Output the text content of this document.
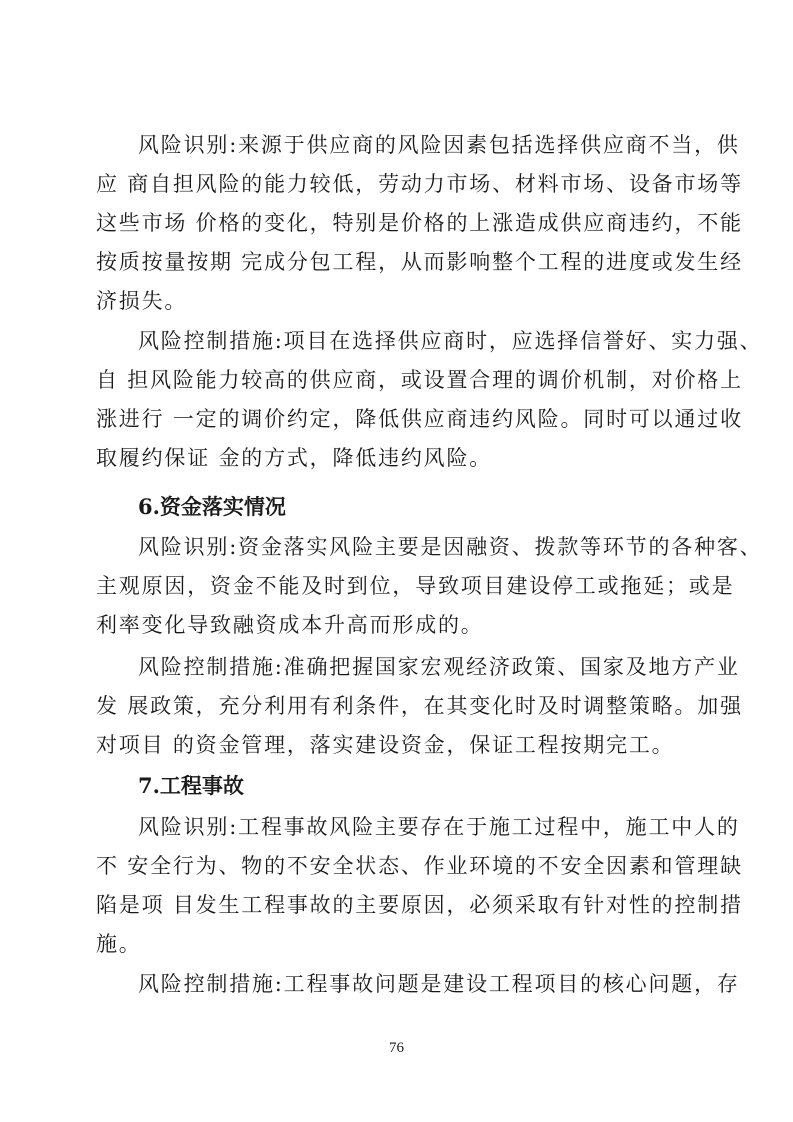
风险识别:来源于供应商的风险因素包括选择供应商不当，供
应 商自担风险的能力较低，劳动力市场、材料市场、设备市场等
这些市场 价格的变化，特别是价格的上涨造成供应商违约，不能
按质按量按期 完成分包工程，从而影响整个工程的进度或发生经
济损失。
风险控制措施:项目在选择供应商时，应选择信誉好、实力强、
自 担风险能力较高的供应商，或设置合理的调价机制，对价格上
涨进行 一定的调价约定，降低供应商违约风险。同时可以通过收
取履约保证 金的方式，降低违约风险。
6.资金落实情况
风险识别:资金落实风险主要是因融资、拨款等环节的各种客、
主观原因，资金不能及时到位，导致项目建设停工或拖延；或是
利率变化导致融资成本升高而形成的。
风险控制措施:准确把握国家宏观经济政策、国家及地方产业
发 展政策，充分利用有利条件，在其变化时及时调整策略。加强
对项目 的资金管理，落实建设资金，保证工程按期完工。
7.工程事故
风险识别:工程事故风险主要存在于施工过程中，施工中人的
不 安全行为、物的不安全状态、作业环境的不安全因素和管理缺
陷是项 目发生工程事故的主要原因，必须采取有针对性的控制措
施。
风险控制措施:工程事故问题是建设工程项目的核心问题，存
76
